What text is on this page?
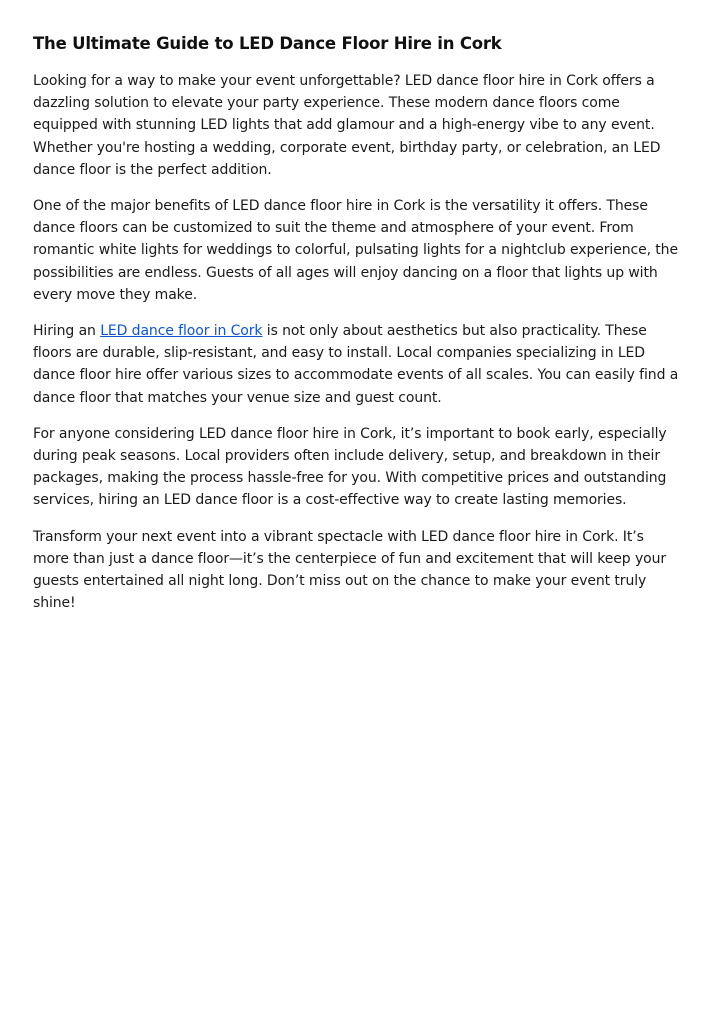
The Ultimate Guide to LED Dance Floor Hire in Cork

Looking for a way to make your event unforgettable? LED dance floor hire in Cork offers a dazzling solution to elevate your party experience. These modern dance floors come equipped with stunning LED lights that add glamour and a high-energy vibe to any event. Whether you're hosting a wedding, corporate event, birthday party, or celebration, an LED dance floor is the perfect addition.

One of the major benefits of LED dance floor hire in Cork is the versatility it offers. These dance floors can be customized to suit the theme and atmosphere of your event. From romantic white lights for weddings to colorful, pulsating lights for a nightclub experience, the possibilities are endless. Guests of all ages will enjoy dancing on a floor that lights up with every move they make.

Hiring an LED dance floor in Cork is not only about aesthetics but also practicality. These floors are durable, slip-resistant, and easy to install. Local companies specializing in LED dance floor hire offer various sizes to accommodate events of all scales. You can easily find a dance floor that matches your venue size and guest count.

For anyone considering LED dance floor hire in Cork, it’s important to book early, especially during peak seasons. Local providers often include delivery, setup, and breakdown in their packages, making the process hassle-free for you. With competitive prices and outstanding services, hiring an LED dance floor is a cost-effective way to create lasting memories.

Transform your next event into a vibrant spectacle with LED dance floor hire in Cork. It’s more than just a dance floor—it’s the centerpiece of fun and excitement that will keep your guests entertained all night long. Don’t miss out on the chance to make your event truly shine!
